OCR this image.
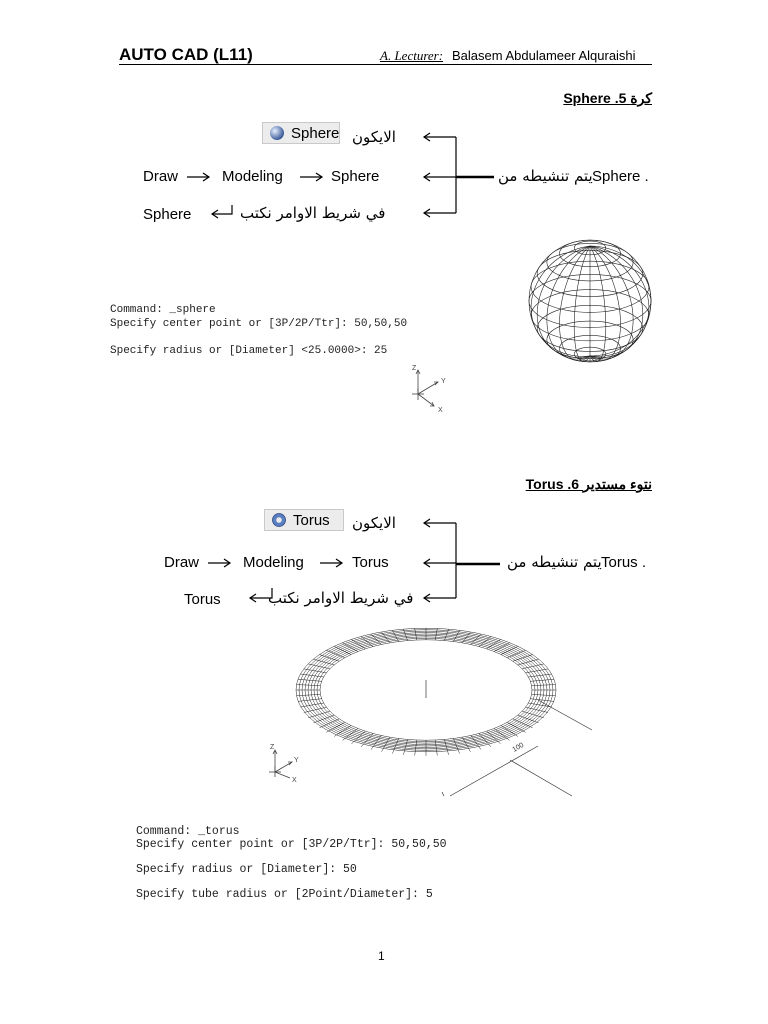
AUTO CAD (L11)	A. Lecturer: Balasem Abdulameer Alquraishi
Sphere .5 كرة
Sphere الايكون
Draw	Modeling	Sphere	يتم تنشيطه من Sphere .
Sphere	في شريط الاوامر نكتب
Command: _sphere
Specify center point or [3P/2P/Ttr]: 50,50,50
Specify radius or [Diameter] <25.0000>: 25
Z
Y
X
Torus .6 نتوء مستدير
Torus الايكون
Draw	Modeling	Torus	يتم تنشيطه من Torus .
Torus	في شريط الاوامر نكتب
100
Z
Y
X
Command: _torus
Specify center point or [3P/2P/Ttr]: 50,50,50
Specify radius or [Diameter]: 50
Specify tube radius or [2Point/Diameter]: 5
1
